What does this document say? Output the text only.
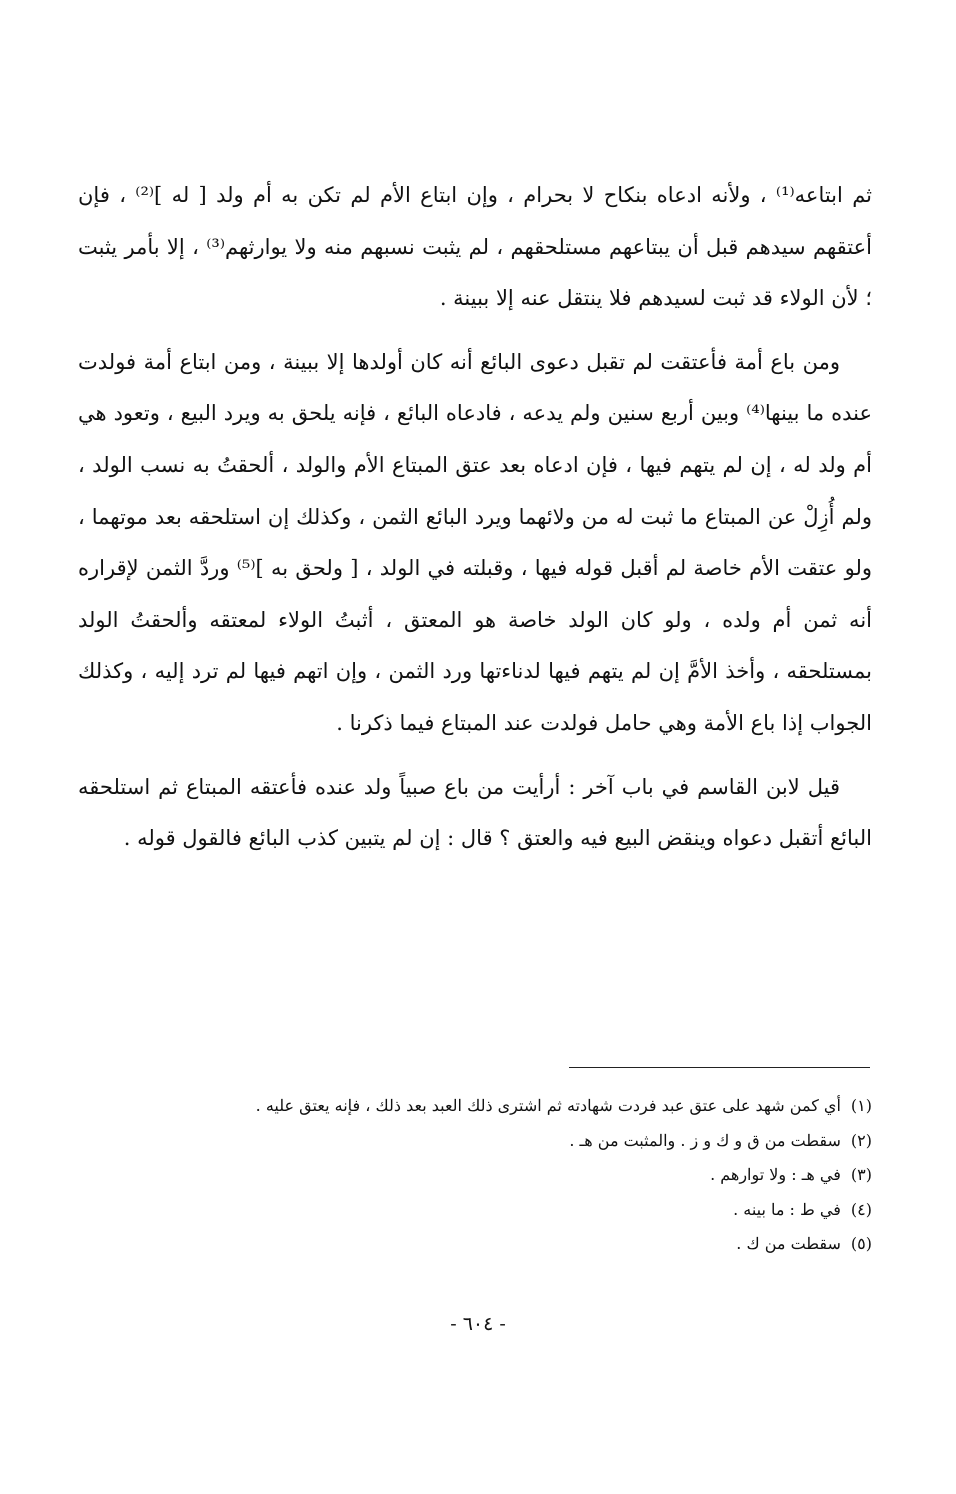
ثم ابتاعه⁽¹⁾ ، ولأنه ادعاه بنكاح لا بحرام ، وإن ابتاع الأم لم تكن به أم ولد [ له ]⁽²⁾ ، فإن أعتقهم سيدهم قبل أن يبتاعهم مستلحقهم ، لم يثبت نسبهم منه ولا يوارثهم⁽³⁾ ، إلا بأمر يثبت ؛ لأن الولاء قد ثبت لسيدهم فلا ينتقل عنه إلا ببينة .

ومن باع أمة فأعتقت لم تقبل دعوى البائع أنه كان أولدها إلا ببينة ، ومن ابتاع أمة فولدت عنده ما بينها⁽⁴⁾ وبين أربع سنين ولم يدعه ، فادعاه البائع ، فإنه يلحق به ويرد البيع ، وتعود هي أم ولد له ، إن لم يتهم فيها ، فإن ادعاه بعد عتق المبتاع الأم والولد ، ألحقتُ به نسب الولد ، ولم أُزِلْ عن المبتاع ما ثبت له من ولائهما ويرد البائع الثمن ، وكذلك إن استلحقه بعد موتهما ، ولو عتقت الأم خاصة لم أقبل قوله فيها ، وقبلته في الولد ، [ ولحق به ]⁽⁵⁾ وردَّ الثمن لإقراره أنه ثمن أم ولده ، ولو كان الولد خاصة هو المعتق ، أثبتُ الولاء لمعتقه وألحقتُ الولد بمستلحقه ، وأخذ الأمَّ إن لم يتهم فيها لدناءتها ورد الثمن ، وإن اتهم فيها لم ترد إليه ، وكذلك الجواب إذا باع الأمة وهي حامل فولدت عند المبتاع فيما ذكرنا .

قيل لابن القاسم في باب آخر : أرأيت من باع صبياً ولد عنده فأعتقه المبتاع ثم استلحقه البائع أتقبل دعواه وينقض البيع فيه والعتق ؟ قال : إن لم يتبين كذب البائع فالقول قوله .

(١)أي كمن شهد على عتق عبد فردت شهادته ثم اشترى ذلك العبد بعد ذلك ، فإنه يعتق عليه .
(٢)سقطت من ق و ك و ز . والمثبت من هـ .
(٣)في هـ : ولا توارهم .
(٤)في ط : ما بينه .
(٥)سقطت من ك .
- ٦٠٤ -
